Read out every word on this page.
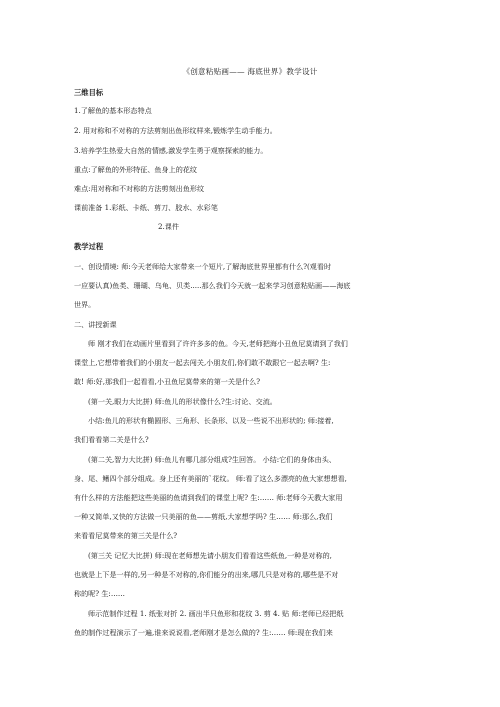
《创意粘贴画—— 海底世界》教学设计
三维目标
1.了解鱼的基本形态特点
2. 用对称和不对称的方法剪刻出鱼形纹样来,锻炼学生动手能力。
3.培养学生热爱大自然的情感,激发学生勇于观察探索的能力。
重点:了解鱼的外形特征、鱼身上的花纹
难点:用对称和不对称的方法剪刻出鱼形纹
课前准备 1.彩纸、卡纸、剪刀、胶水、水彩笔
2.课件
教学过程
一、创设情境: 师:今天老师给大家带来一个短片,了解海底世界里都有什么?(观看时
一应要认真)鱼类、珊瑚、乌龟、贝类.....那么我们今天就一起来学习创意粘贴画——海底
世界。
二、讲授新课
师 刚才我们在动画片里看到了许许多多的鱼。今天,老师把海小丑鱼尼莫请到了我们
课堂上,它想带着我们的小朋友一起去闯关,小朋友们,你们敢不敢跟它一起去啊? 生:
敢! 师:好,那我们一起看看,小丑鱼尼莫带来的第一关是什么?
(第一关,眼力大比拼) 师:鱼儿的形状像什么?生:讨论、交流。
小结:鱼儿的形状有椭圆形、三角形、长条形、以及一些说不出形状的; 师:接着,
我们看看第二关是什么?
(第二关,智力大比拼) 师:鱼儿有哪几部分组成?生回答。 小结:它们的身体由头、
身、尾、鳍四个部分组成。身上还有美丽的`花纹。 师:看了这么多漂亮的鱼大家想想看,
有什么样的方法能把这些美丽的鱼请到我们的课堂上呢? 生:…… 师:老师今天教大家用
一种又简单,又快的方法做一只美丽的鱼——剪纸,大家想学吗? 生…… 师:那么,我们
来看看尼莫带来的第三关是什么?
(第三关 记忆大比拼) 师:现在老师想先请小朋友们看看这些纸鱼,一种是对称的,
也就是上下是一样的,另一种是不对称的,你们能分的出来,哪几只是对称的,哪些是不对
称的呢? 生:……
师示范制作过程 1. 纸张对折 2. 画出半只鱼形和花纹 3. 剪 4. 贴 师:老师已经把纸
鱼的制作过程演示了一遍,谁来说说看,老师刚才是怎么做的? 生:…… 师:现在我们来
